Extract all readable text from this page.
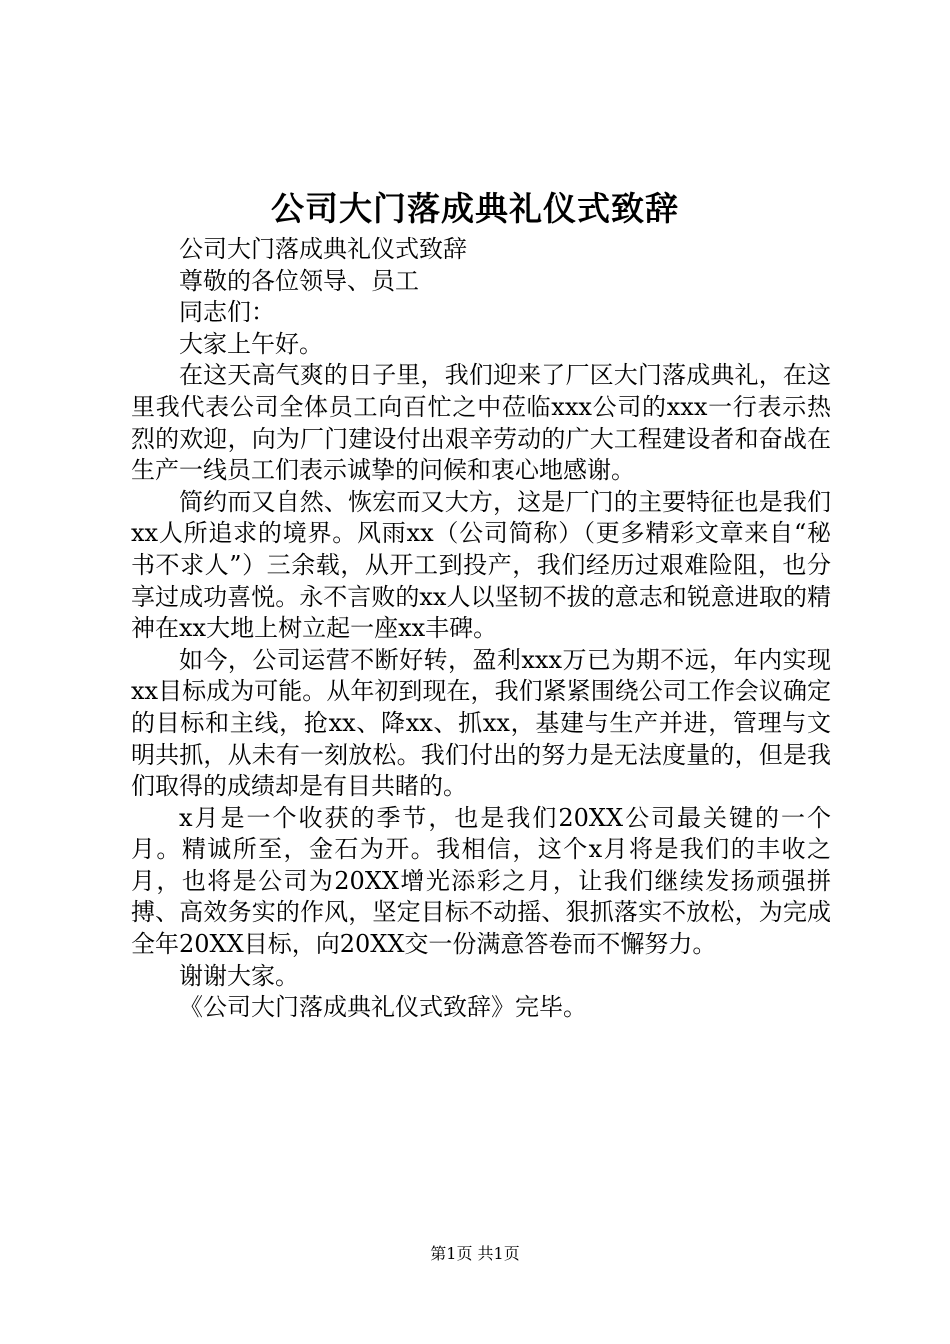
公司大门落成典礼仪式致辞

公司大门落成典礼仪式致辞

尊敬的各位领导、员工

同志们：

大家上午好。

在这天高气爽的日子里，我们迎来了厂区大门落成典礼，在这里我代表公司全体员工向百忙之中莅临xxx公司的xxx一行表示热烈的欢迎，向为厂门建设付出艰辛劳动的广大工程建设者和奋战在生产一线员工们表示诚挚的问候和衷心地感谢。

简约而又自然、恢宏而又大方，这是厂门的主要特征也是我们xx人所追求的境界。风雨xx（公司简称）（更多精彩文章来自“秘书不求人”）三余载，从开工到投产，我们经历过艰难险阻，也分享过成功喜悦。永不言败的xx人以坚韧不拔的意志和锐意进取的精神在xx大地上树立起一座xx丰碑。

如今，公司运营不断好转，盈利xxx万已为期不远，年内实现xx目标成为可能。从年初到现在，我们紧紧围绕公司工作会议确定的目标和主线，抢xx、降xx、抓xx，基建与生产并进，管理与文明共抓，从未有一刻放松。我们付出的努力是无法度量的，但是我们取得的成绩却是有目共睹的。

x月是一个收获的季节，也是我们20XX公司最关键的一个月。精诚所至，金石为开。我相信，这个x月将是我们的丰收之月，也将是公司为20XX增光添彩之月，让我们继续发扬顽强拼搏、高效务实的作风，坚定目标不动摇、狠抓落实不放松，为完成全年20XX目标，向20XX交一份满意答卷而不懈努力。

谢谢大家。

《公司大门落成典礼仪式致辞》完毕。

第1页 共1页
